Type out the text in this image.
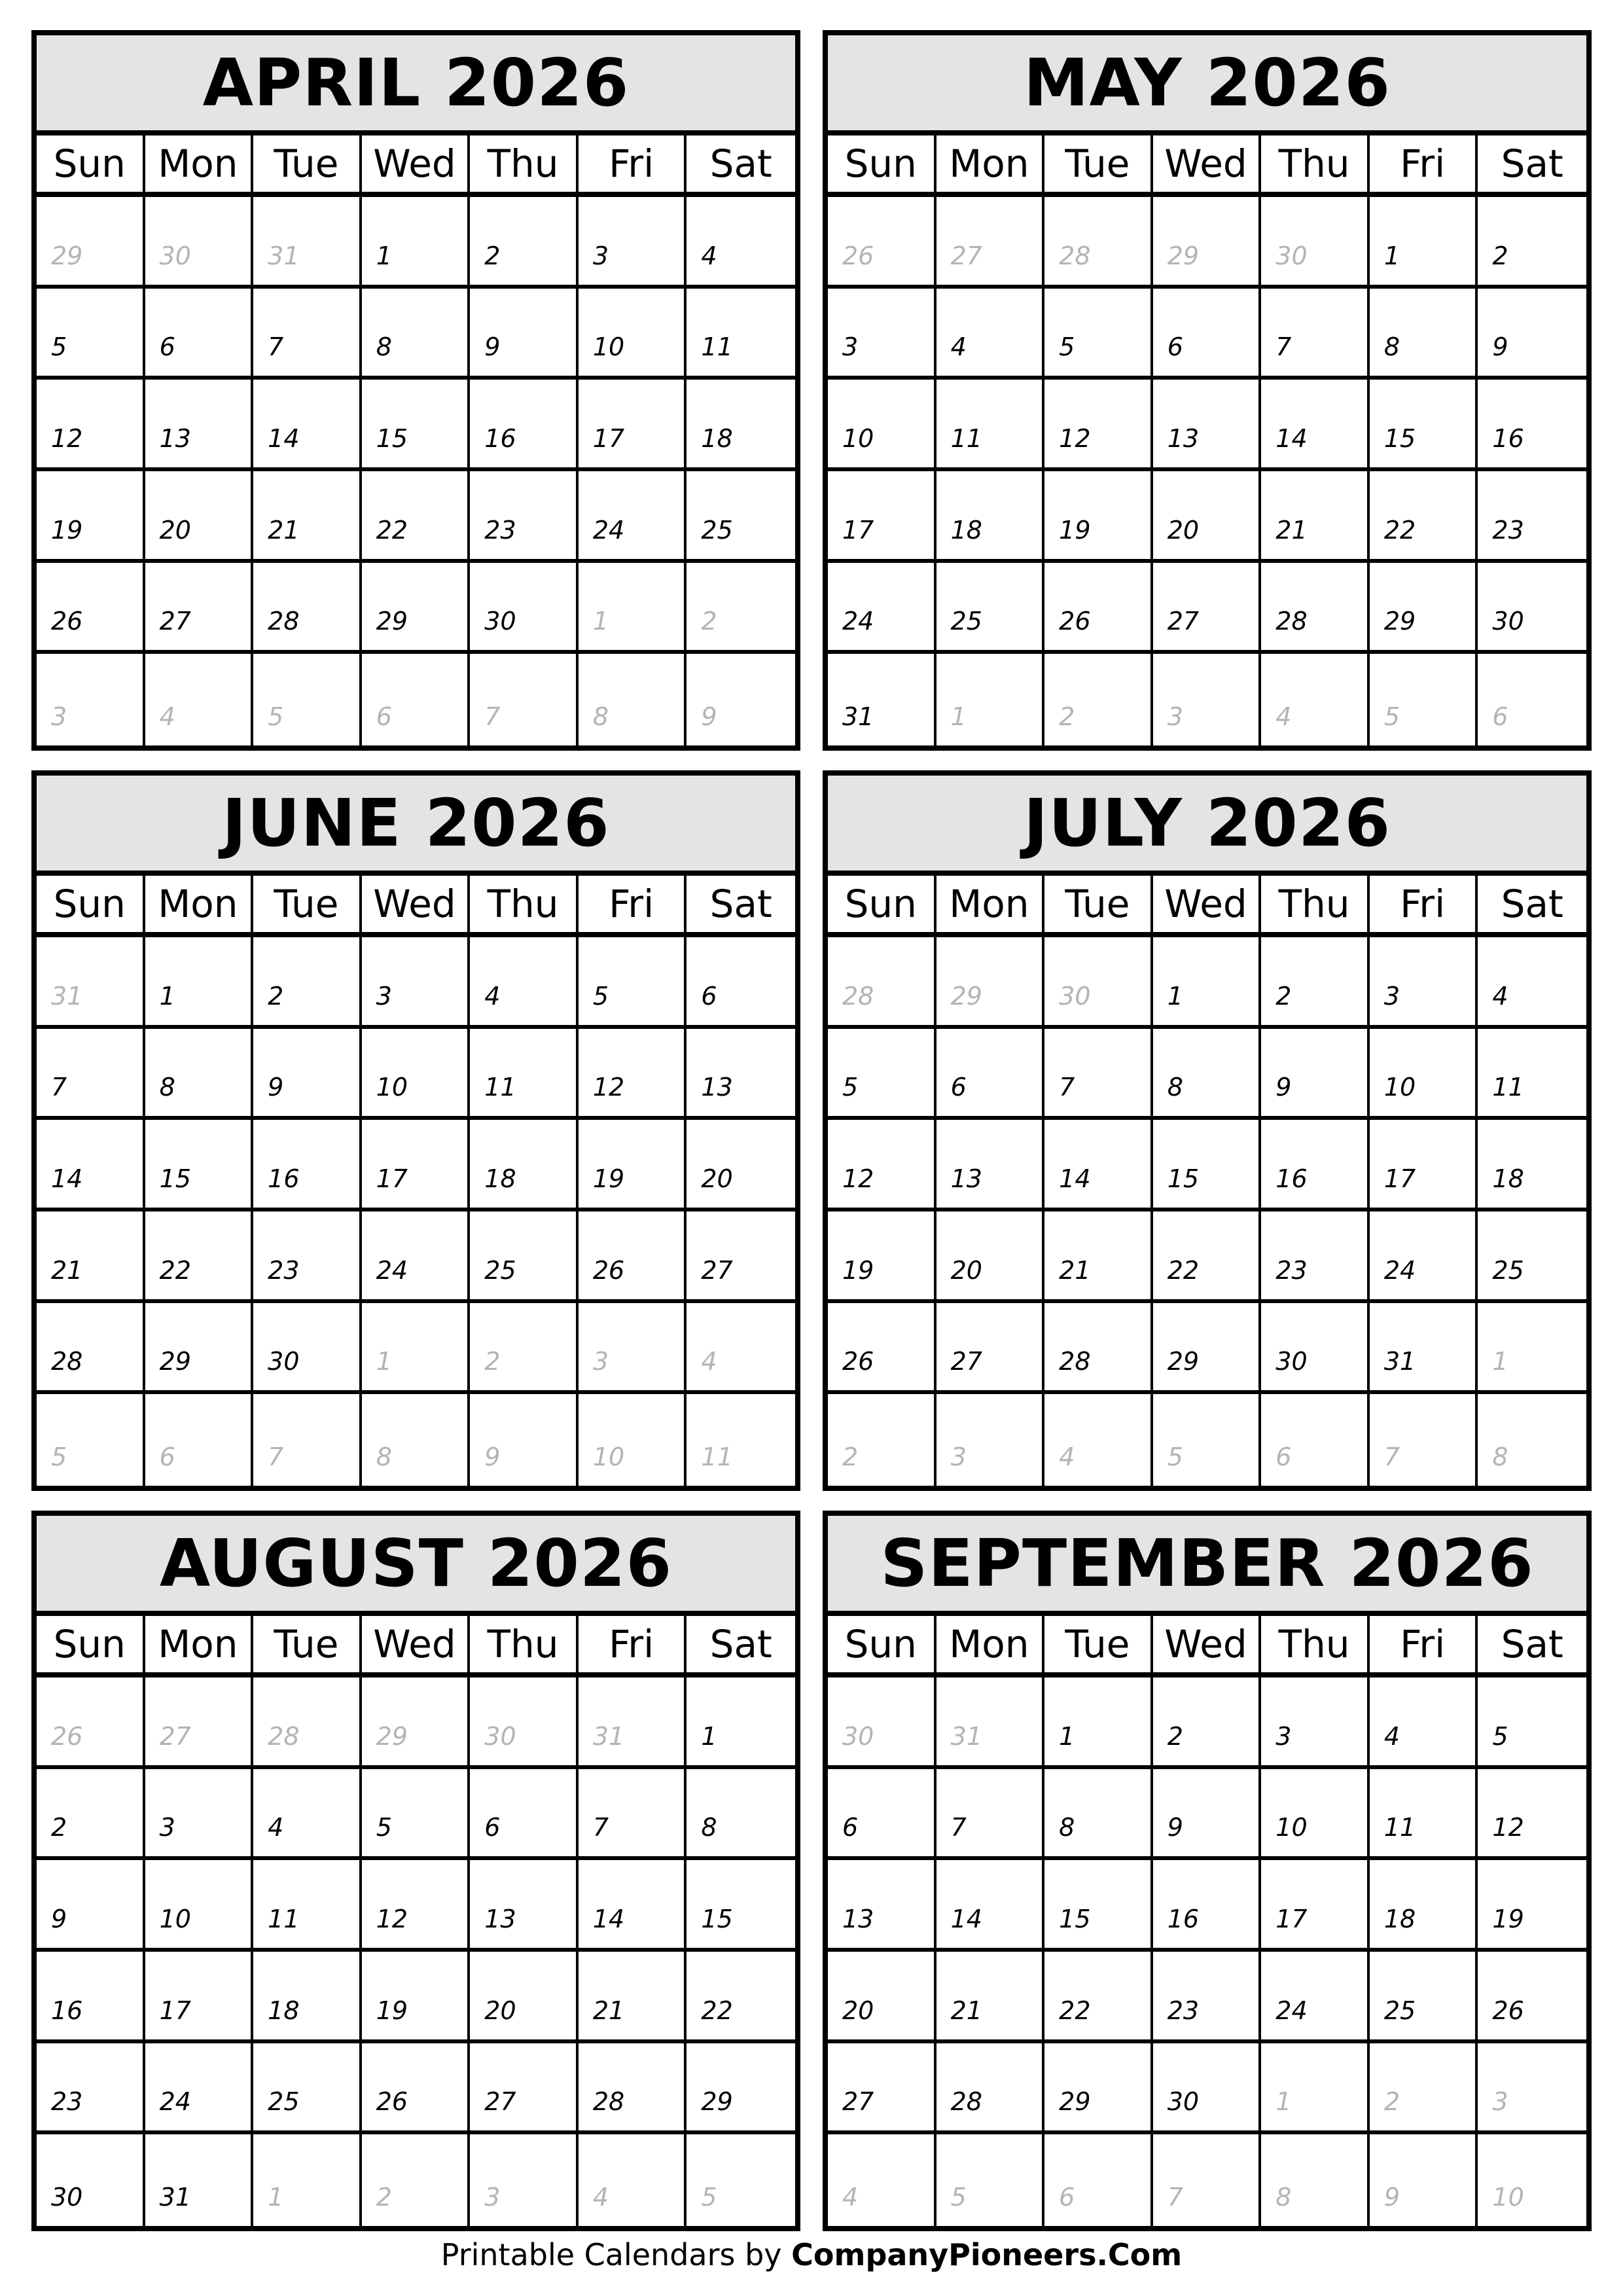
APRIL 2026
Sun Mon Tue Wed Thu	Fri	Sat
29	30	31	1	2	3	4
5	6	7	8	9	10	11
12	13	14	15	16	17	18
19	20	21	22	23	24	25
26	27	28	29	30	1	2
3	4	5	6	7	8	9
MAY 2026
Sun Mon Tue Wed Thu	Fri	Sat
26	27	28	29	30	1	2
3	4	5	6	7	8	9
10	11	12	13	14	15	16
17	18	19	20	21	22	23
24	25	26	27	28	29	30
31	1	2	3	4	5	6
JUNE 2026
Sun Mon Tue Wed Thu	Fri	Sat
31	1	2	3	4	5	6
7	8	9	10	11	12	13
14	15	16	17	18	19	20
21	22	23	24	25	26	27
28	29	30	1	2	3	4
5	6	7	8	9	10	11
JULY 2026
Sun Mon Tue Wed Thu	Fri	Sat
28	29	30	1	2	3	4
5	6	7	8	9	10	11
12	13	14	15	16	17	18
19	20	21	22	23	24	25
26	27	28	29	30	31	1
2	3	4	5	6	7	8
AUGUST 2026
Sun Mon Tue Wed Thu	Fri	Sat
26	27	28	29	30	31	1
2	3	4	5	6	7	8
9	10	11	12	13	14	15
16	17	18	19	20	21	22
23	24	25	26	27	28	29
30	31	1	2	3	4	5
SEPTEMBER 2026
Sun Mon Tue Wed Thu	Fri	Sat
30	31	1	2	3	4	5
6	7	8	9	10	11	12
13	14	15	16	17	18	19
20	21	22	23	24	25	26
27	28	29	30	1	2	3
4	5	6	7	8	9	10
Printable Calendars by CompanyPioneers.Com
